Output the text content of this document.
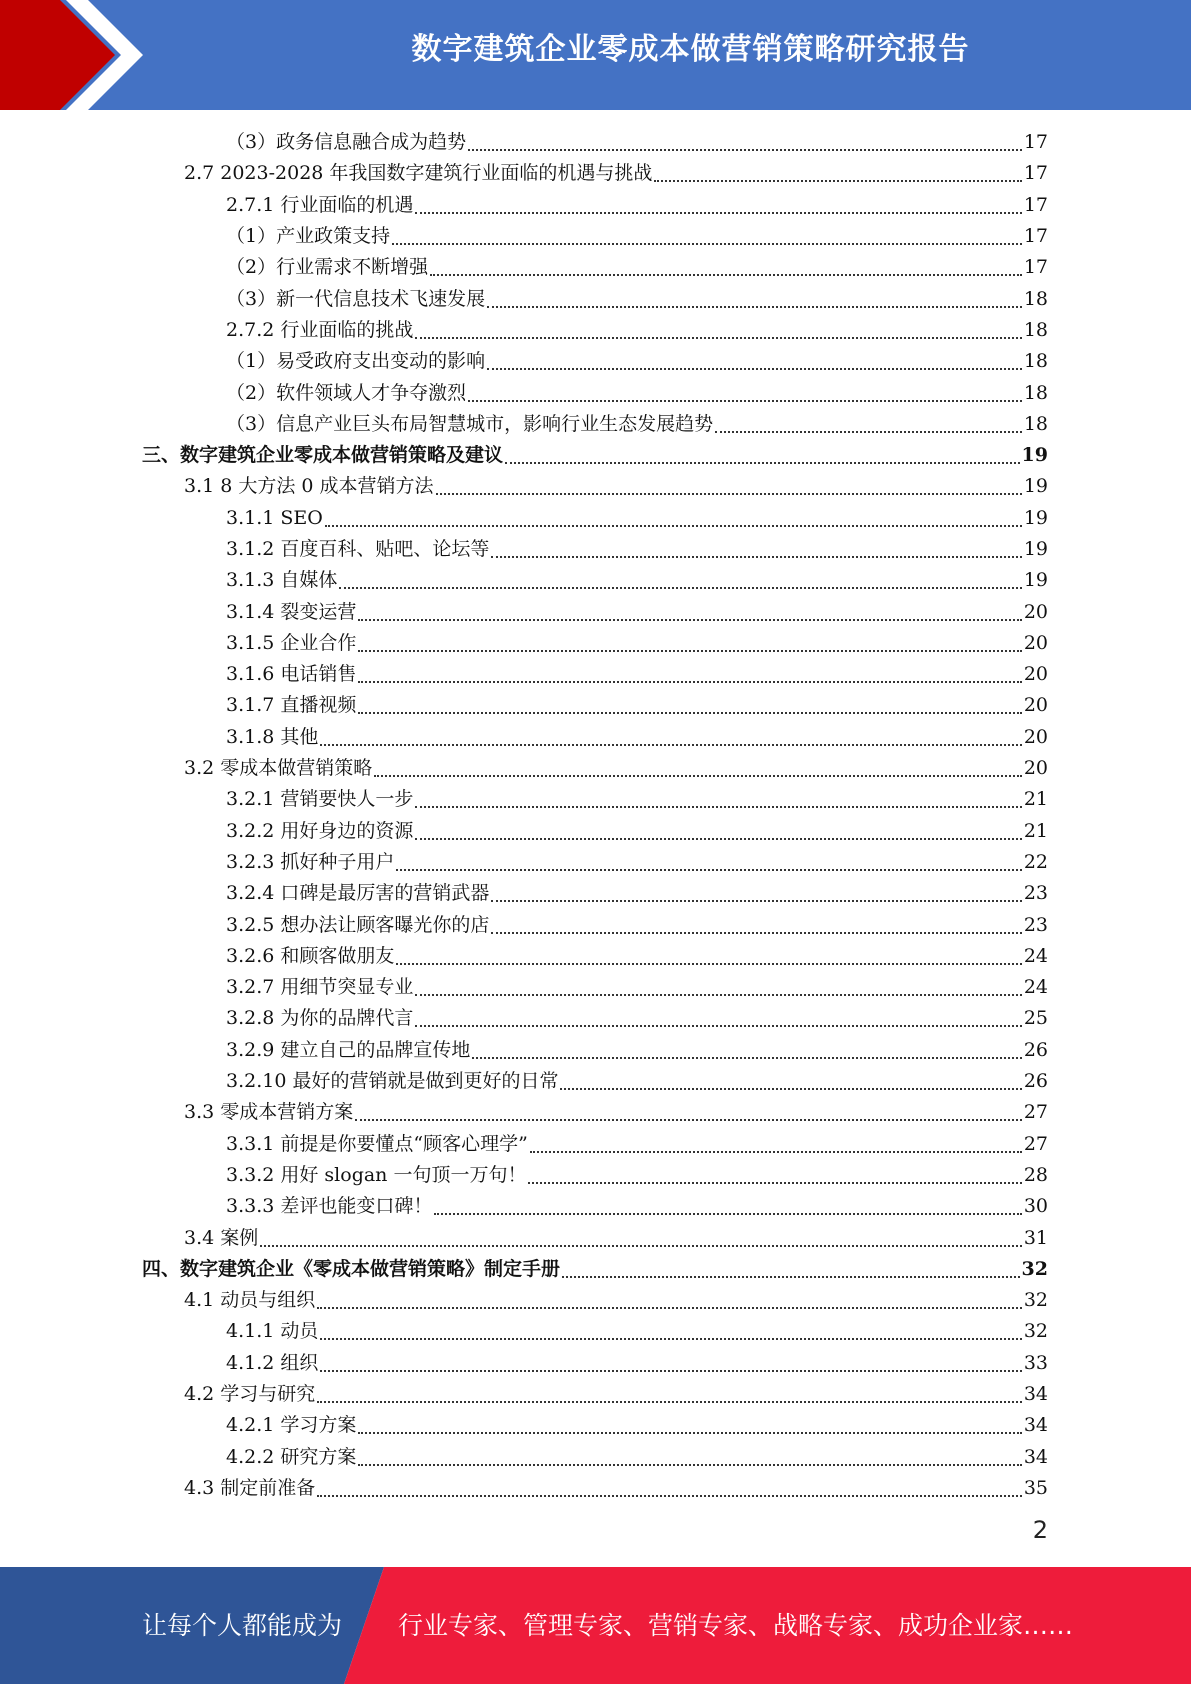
数字建筑企业零成本做营销策略研究报告
（3）政务信息融合成为趋势	17
2.7 2023-2028 年我国数字建筑行业面临的机遇与挑战	17
2.7.1 行业面临的机遇	17
（1）产业政策支持	17
（2）行业需求不断增强	17
（3）新一代信息技术飞速发展	18
2.7.2 行业面临的挑战	18
（1）易受政府支出变动的影响	18
（2）软件领域人才争夺激烈	18
（3）信息产业巨头布局智慧城市，影响行业生态发展趋势	18
三、数字建筑企业零成本做营销策略及建议	19
3.1 8 大方法 0 成本营销方法	19
3.1.1 SEO	19
3.1.2 百度百科、贴吧、论坛等	19
3.1.3 自媒体	19
3.1.4 裂变运营	20
3.1.5 企业合作	20
3.1.6 电话销售	20
3.1.7 直播视频	20
3.1.8 其他	20
3.2 零成本做营销策略	20
3.2.1 营销要快人一步	21
3.2.2 用好身边的资源	21
3.2.3 抓好种子用户	22
3.2.4 口碑是最厉害的营销武器	23
3.2.5 想办法让顾客曝光你的店	23
3.2.6 和顾客做朋友	24
3.2.7 用细节突显专业	24
3.2.8 为你的品牌代言	25
3.2.9 建立自己的品牌宣传地	26
3.2.10 最好的营销就是做到更好的日常	26
3.3 零成本营销方案	27
3.3.1 前提是你要懂点“顾客心理学”	27
3.3.2 用好 slogan 一句顶一万句！	28
3.3.3 差评也能变口碑！	30
3.4 案例	31
四、数字建筑企业《零成本做营销策略》制定手册	32
4.1 动员与组织	32
4.1.1 动员	32
4.1.2 组织	33
4.2 学习与研究	34
4.2.1 学习方案	34
4.2.2 研究方案	34
4.3 制定前准备	35
2
让每个人都能成为 行业专家、管理专家、营销专家、战略专家、成功企业家……
